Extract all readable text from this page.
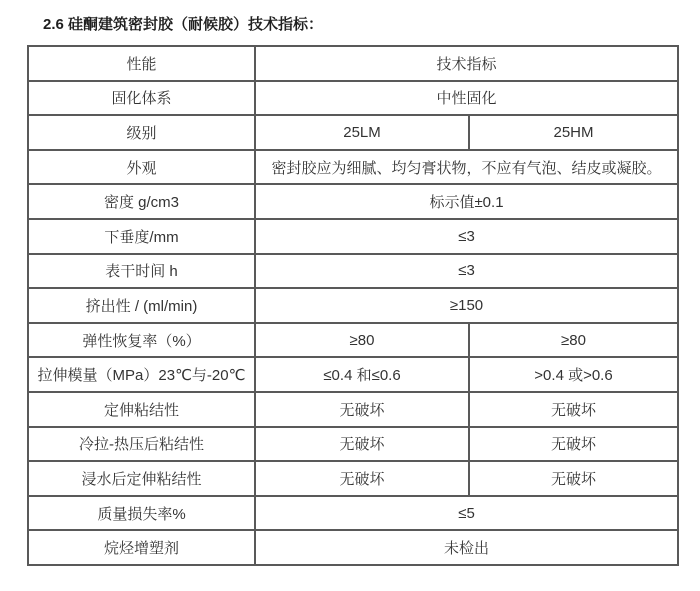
2.6 硅酮建筑密封胶（耐候胶）技术指标：
性能	技术指标	
固化体系	中性固化	
级别	25LM	25HM
外观	密封胶应为细腻、均匀膏状物，不应有气泡、结皮或凝胶。	
密度 g/cm3	标示值±0.1	
下垂度/mm	≤3	
表干时间 h	≤3	
挤出性 / (ml/min)	≥150	
弹性恢复率（%）	≥80	≥80
拉伸模量（MPa）23℃与-20℃	≤0.4 和≤0.6	>0.4 或>0.6
定伸粘结性	无破坏	无破坏
冷拉-热压后粘结性	无破坏	无破坏
浸水后定伸粘结性	无破坏	无破坏
质量损失率%	≤5	
烷烃增塑剂	未检出	
